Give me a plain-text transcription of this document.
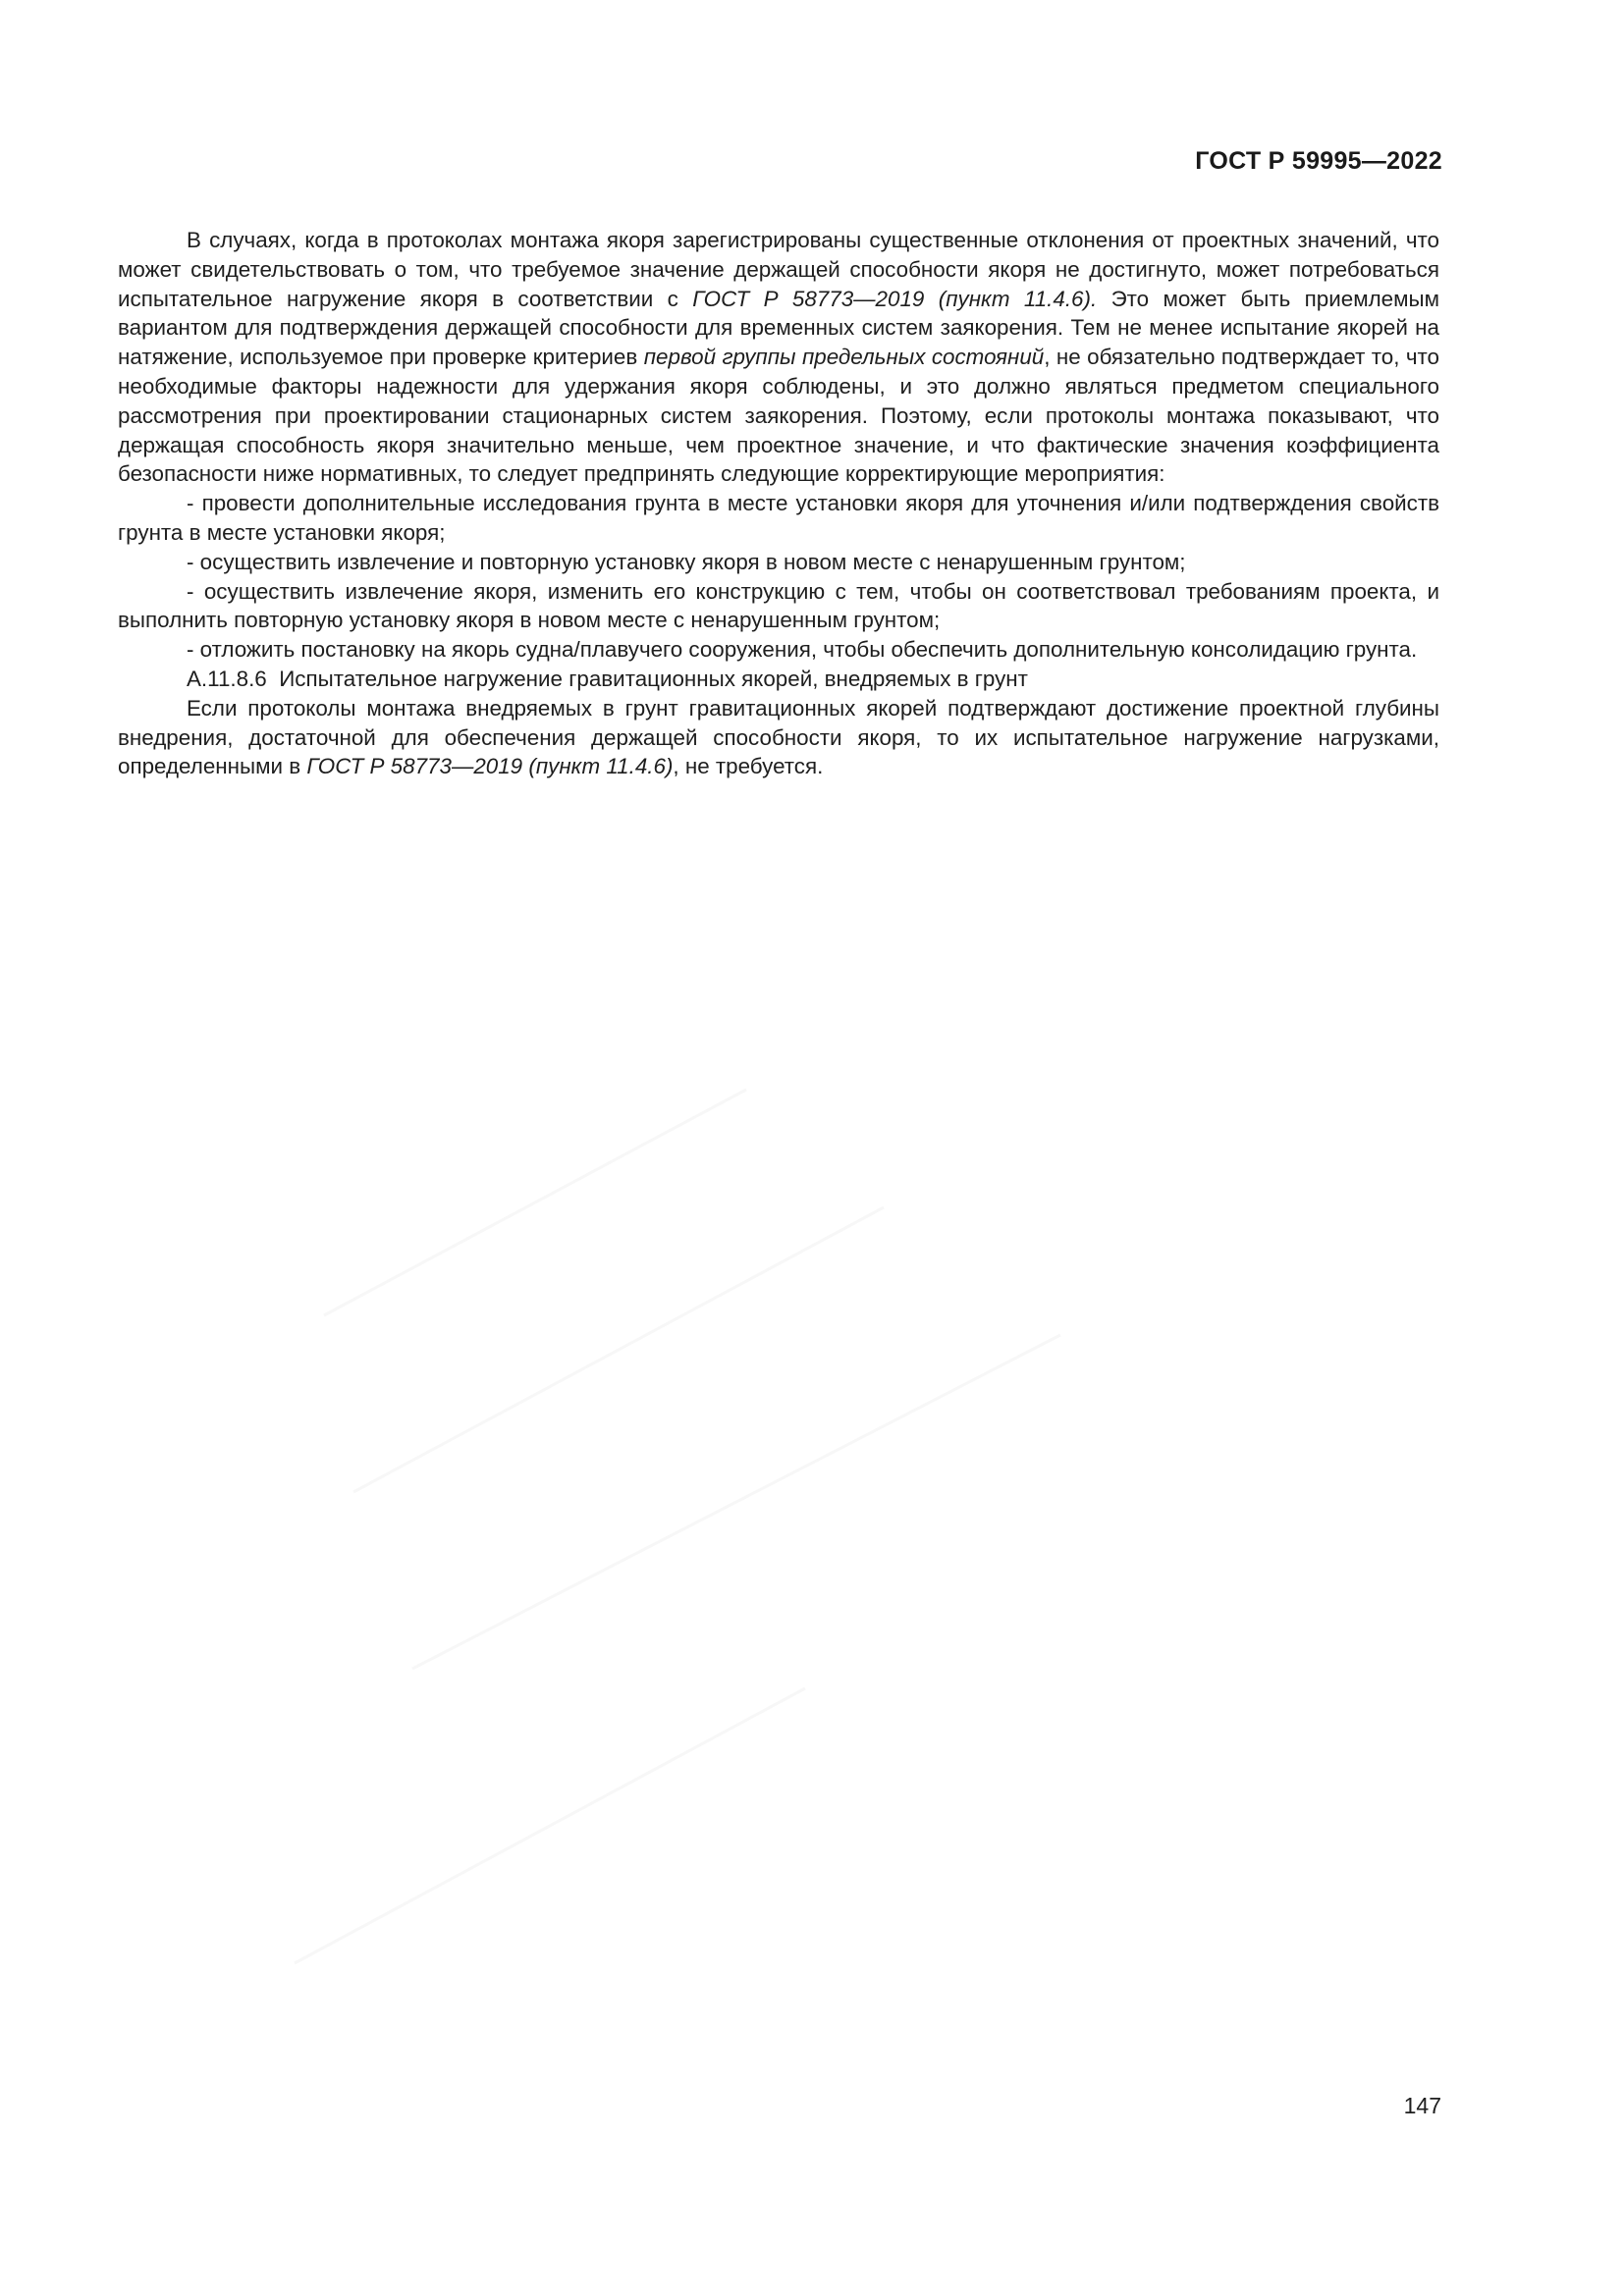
ГОСТ Р 59995—2022

В случаях, когда в протоколах монтажа якоря зарегистрированы существенные отклонения от проектных значений, что может свидетельствовать о том, что требуемое значение держащей способности якоря не достигнуто, может потребоваться испытательное нагружение якоря в соответствии с ГОСТ Р 58773—2019 (пункт 11.4.6). Это может быть приемлемым вариантом для подтверждения держащей способности для временных систем заякорения. Тем не менее испытание якорей на натяжение, используемое при проверке критериев первой группы предельных состояний, не обязательно подтверждает то, что необходимые факторы надежности для удержания якоря соблюдены, и это должно являться предметом специального рассмотрения при проектировании стационарных систем заякорения. Поэтому, если протоколы монтажа показывают, что держащая способность якоря значительно меньше, чем проектное значение, и что фактические значения коэффициента безопасности ниже нормативных, то следует предпринять следующие корректирующие мероприятия:

- провести дополнительные исследования грунта в месте установки якоря для уточнения и/или подтверждения свойств грунта в месте установки якоря;

- осуществить извлечение и повторную установку якоря в новом месте с ненарушенным грунтом;

- осуществить извлечение якоря, изменить его конструкцию с тем, чтобы он соответствовал требованиям проекта, и выполнить повторную установку якоря в новом месте с ненарушенным грунтом;

- отложить постановку на якорь судна/плавучего сооружения, чтобы обеспечить дополнительную консолидацию грунта.

А.11.8.6 Испытательное нагружение гравитационных якорей, внедряемых в грунт

Если протоколы монтажа внедряемых в грунт гравитационных якорей подтверждают достижение проектной глубины внедрения, достаточной для обеспечения держащей способности якоря, то их испытательное нагружение нагрузками, определенными в ГОСТ Р 58773—2019 (пункт 11.4.6), не требуется.

147
